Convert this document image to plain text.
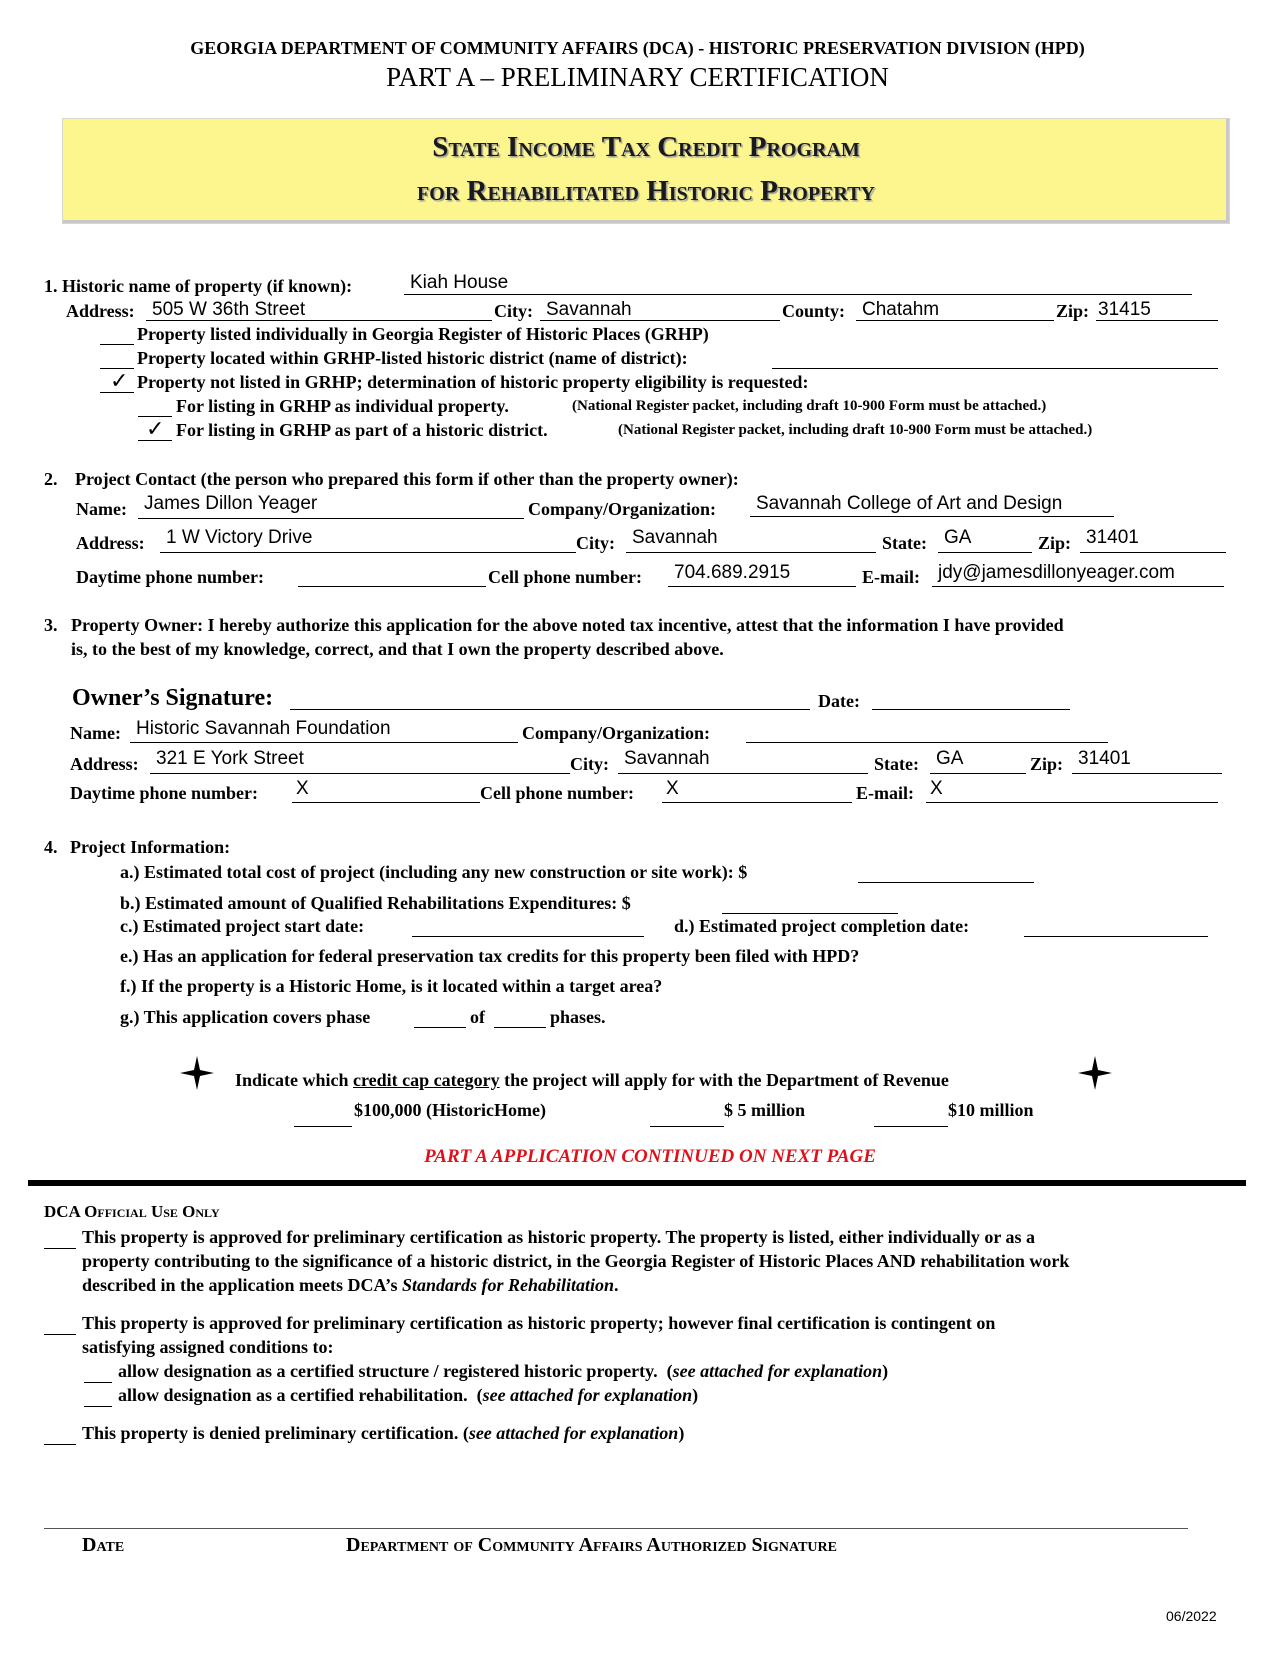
GEORGIA DEPARTMENT OF COMMUNITY AFFAIRS (DCA) - HISTORIC PRESERVATION DIVISION (HPD)
PART A – PRELIMINARY CERTIFICATION
State Income Tax Credit Program
for Rehabilitated Historic Property
1. Historic name of property (if known):	Kiah House
Address: 505 W 36th Street	City: Savannah	County: Chatahm	Zip: 31415
Property listed individually in Georgia Register of Historic Places (GRHP)
Property located within GRHP-listed historic district (name of district):
✓ Property not listed in GRHP; determination of historic property eligibility is requested:
For listing in GRHP as individual property.	(National Register packet, including draft 10-900 Form must be attached.)
✓ For listing in GRHP as part of a historic district.	(National Register packet, including draft 10-900 Form must be attached.)
2. Project Contact (the person who prepared this form if other than the property owner):
Name: James Dillon Yeager	Company/Organization: Savannah College of Art and Design
Address: 1 W Victory Drive	City: Savannah	State: GA	Zip: 31401
Daytime phone number:	Cell phone number: 704.689.2915	E-mail: jdy@jamesdillonyeager.com
3. Property Owner: I hereby authorize this application for the above noted tax incentive, attest that the information I have provided
is, to the best of my knowledge, correct, and that I own the property described above.
Owner’s Signature:	Date:
Name: Historic Savannah Foundation	Company/Organization:
Address: 321 E York Street	City: Savannah	State: GA	Zip: 31401
Daytime phone number: X	Cell phone number: X	E-mail: X
4. Project Information:
a.) Estimated total cost of project (including any new construction or site work): $
b.) Estimated amount of Qualified Rehabilitations Expenditures: $
c.) Estimated project start date:	d.) Estimated project completion date:
e.) Has an application for federal preservation tax credits for this property been filed with HPD?
f.) If the property is a Historic Home, is it located within a target area?
g.) This application covers phase	of	phases.
Indicate which credit cap category the project will apply for with the Department of Revenue
$100,000 (HistoricHome)	$ 5 million	$10 million
PART A APPLICATION CONTINUED ON NEXT PAGE
DCA Official Use Only
This property is approved for preliminary certification as historic property. The property is listed, either individually or as a
property contributing to the significance of a historic district, in the Georgia Register of Historic Places AND rehabilitation work
described in the application meets DCA’s Standards for Rehabilitation.
This property is approved for preliminary certification as historic property; however final certification is contingent on
satisfying assigned conditions to:
allow designation as a certified structure / registered historic property.  (see attached for explanation)
allow designation as a certified rehabilitation.  (see attached for explanation)
This property is denied preliminary certification. (see attached for explanation)
Date	Department of Community Affairs Authorized Signature
06/2022
